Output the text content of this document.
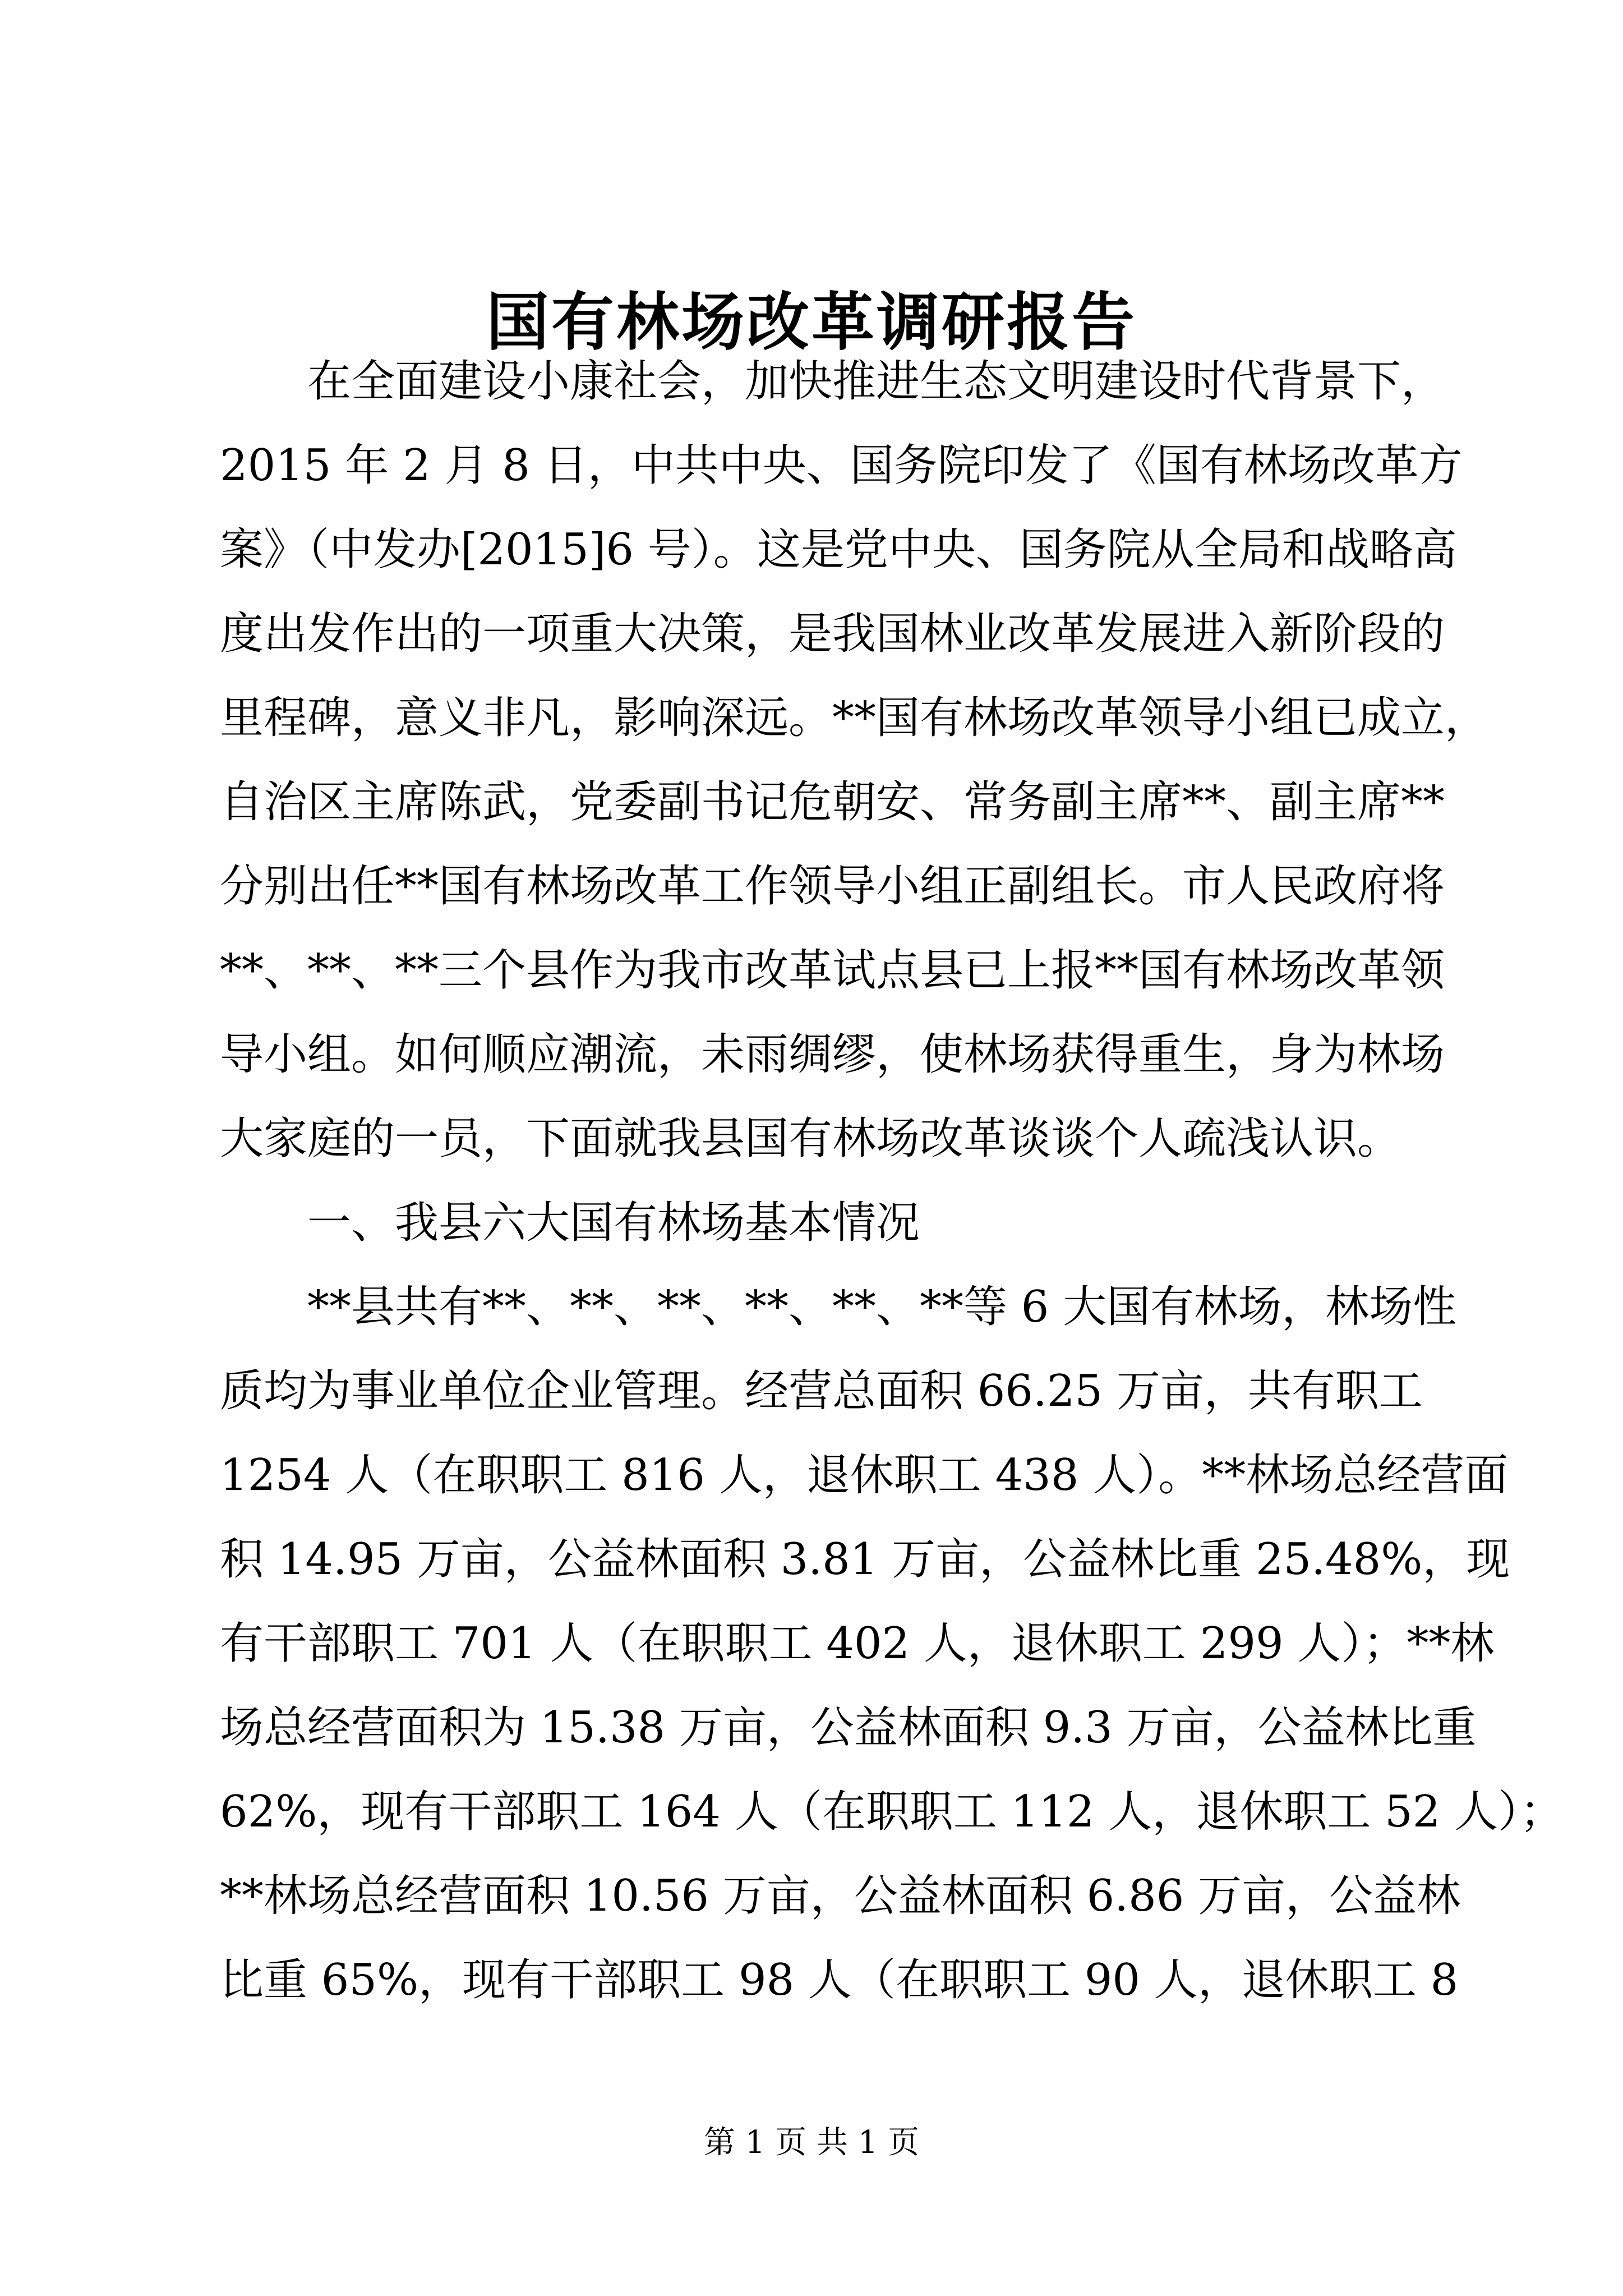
国有林场改革调研报告
在全面建设小康社会，加快推进生态文明建设时代背景下，
2015 年 2 月 8 日，中共中央、国务院印发了《国有林场改革方
案》（中发办[2015]6 号）。这是党中央、国务院从全局和战略高
度出发作出的一项重大决策，是我国林业改革发展进入新阶段的
里程碑，意义非凡，影响深远。**国有林场改革领导小组已成立，
自治区主席陈武，党委副书记危朝安、常务副主席**、副主席**
分别出任**国有林场改革工作领导小组正副组长。市人民政府将
**、**、**三个县作为我市改革试点县已上报**国有林场改革领
导小组。如何顺应潮流，未雨绸缪，使林场获得重生，身为林场
大家庭的一员，下面就我县国有林场改革谈谈个人疏浅认识。
一、我县六大国有林场基本情况
**县共有**、**、**、**、**、**等 6 大国有林场，林场性
质均为事业单位企业管理。经营总面积 66.25 万亩，共有职工
1254 人（在职职工 816 人，退休职工 438 人）。**林场总经营面
积 14.95 万亩，公益林面积 3.81 万亩，公益林比重 25.48%，现
有干部职工 701 人（在职职工 402 人，退休职工 299 人）；**林
场总经营面积为 15.38 万亩，公益林面积 9.3 万亩，公益林比重
62%，现有干部职工 164 人（在职职工 112 人，退休职工 52 人）；
**林场总经营面积 10.56 万亩，公益林面积 6.86 万亩，公益林
比重 65%，现有干部职工 98 人（在职职工 90 人，退休职工 8
第 1 页 共 1 页
